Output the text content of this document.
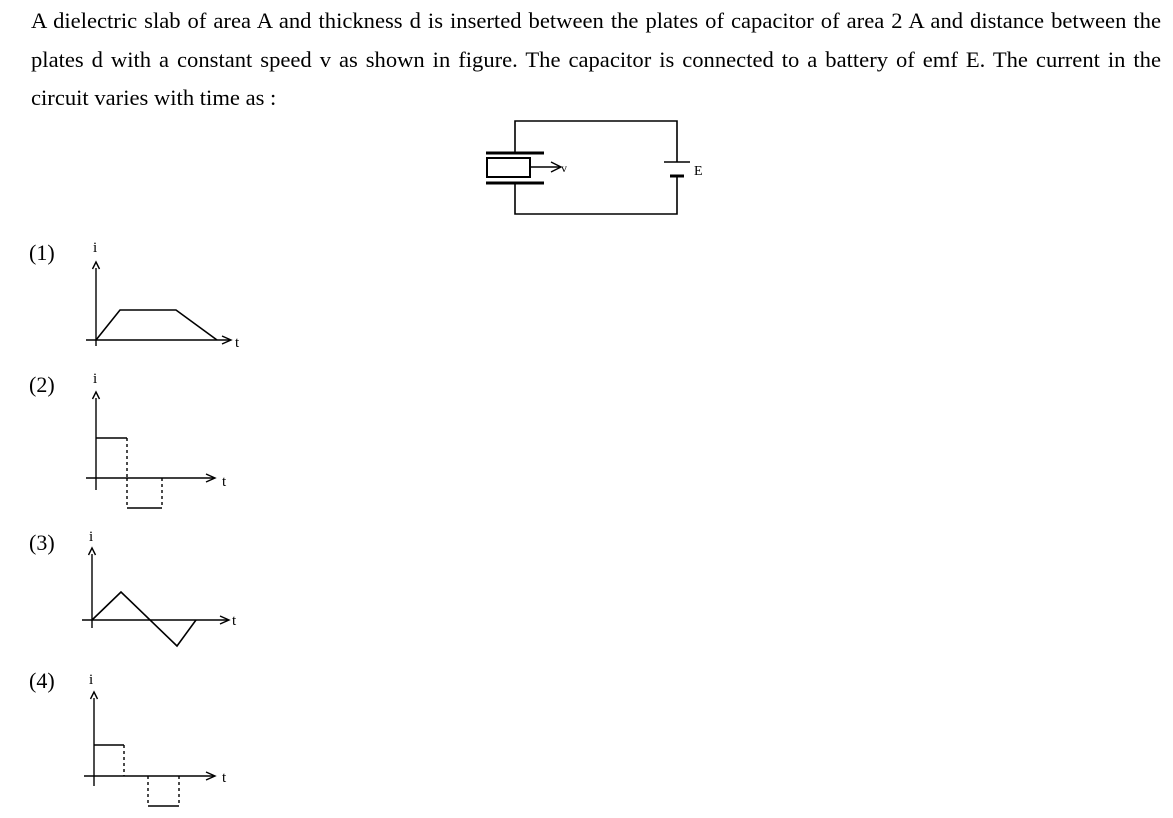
A dielectric slab of area A and thickness d is inserted between the plates of capacitor of area 2 A and distance between the plates d with a constant speed v as shown in figure. The capacitor is connected to a battery of emf E. The current in the circuit varies with time as :

v	E
(1)
(2)
(3)
(4)
i
t
i
t
i
t
i
t
